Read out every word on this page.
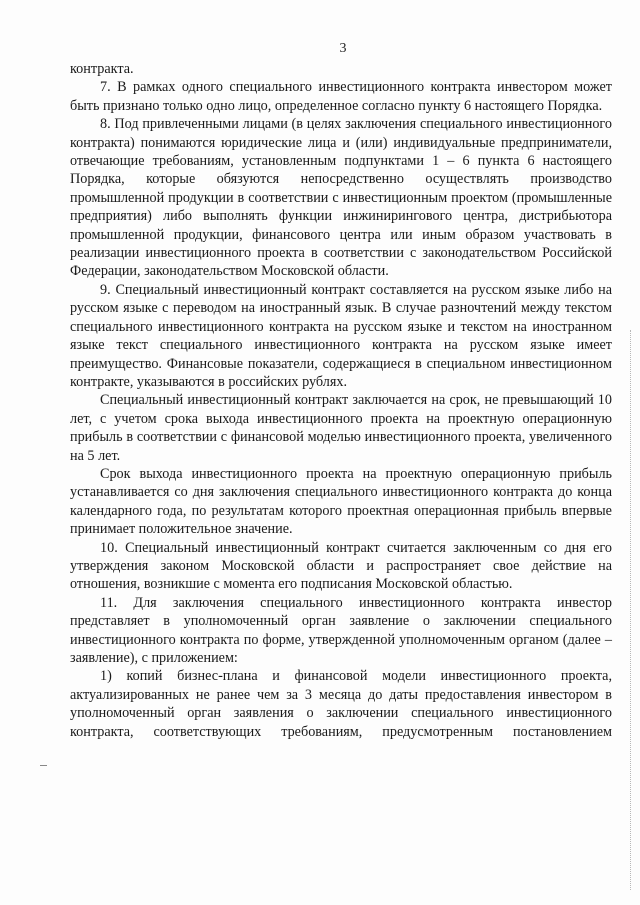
3

контракта.

7. В рамках одного специального инвестиционного контракта инвестором может быть признано только одно лицо, определенное согласно пункту 6 настоящего Порядка.

8. Под привлеченными лицами (в целях заключения специального инвестиционного контракта) понимаются юридические лица и (или) индивидуальные предприниматели, отвечающие требованиям, установленным подпунктами 1 – 6 пункта 6 настоящего Порядка, которые обязуются непосредственно осуществлять производство промышленной продукции в соответствии с инвестиционным проектом (промышленные предприятия) либо выполнять функции инжинирингового центра, дистрибьютора промышленной продукции, финансового центра или иным образом участвовать в реализации инвестиционного проекта в соответствии с законодательством Российской Федерации, законодательством Московской области.

9. Специальный инвестиционный контракт составляется на русском языке либо на русском языке с переводом на иностранный язык. В случае разночтений между текстом специального инвестиционного контракта на русском языке и текстом на иностранном языке текст специального инвестиционного контракта на русском языке имеет преимущество. Финансовые показатели, содержащиеся в специальном инвестиционном контракте, указываются в российских рублях.

Специальный инвестиционный контракт заключается на срок, не превышающий 10 лет, с учетом срока выхода инвестиционного проекта на проектную операционную прибыль в соответствии с финансовой моделью инвестиционного проекта, увеличенного на 5 лет.

Срок выхода инвестиционного проекта на проектную операционную прибыль устанавливается со дня заключения специального инвестиционного контракта до конца календарного года, по результатам которого проектная операционная прибыль впервые принимает положительное значение.

10. Специальный инвестиционный контракт считается заключенным со дня его утверждения законом Московской области и распространяет свое действие на отношения, возникшие с момента его подписания Московской областью.

11. Для заключения специального инвестиционного контракта инвестор представляет в уполномоченный орган заявление о заключении специального инвестиционного контракта по форме, утвержденной уполномоченным органом (далее – заявление), с приложением:

1) копий бизнес-плана и финансовой модели инвестиционного проекта, актуализированных не ранее чем за 3 месяца до даты предоставления инвестором в уполномоченный орган заявления о заключении специального инвестиционного контракта, соответствующих требованиям, предусмотренным постановлением
